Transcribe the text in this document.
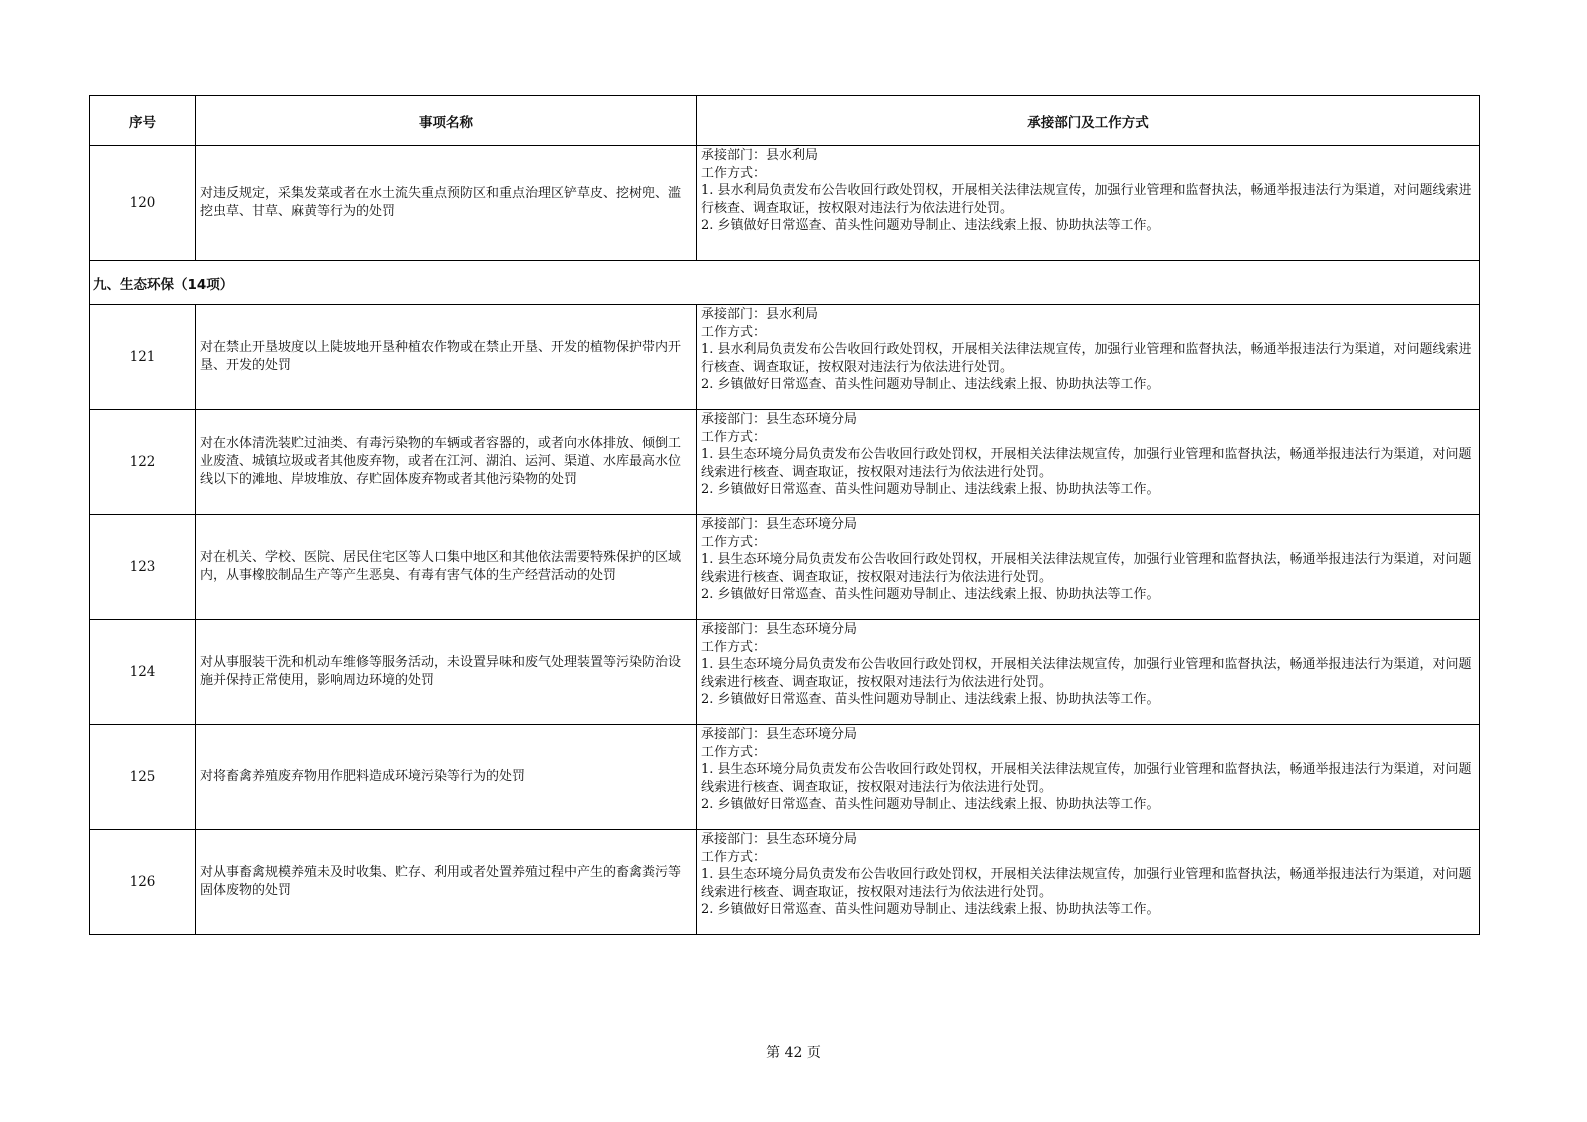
序号	事项名称	承接部门及工作方式
120	对违反规定，采集发菜或者在水土流失重点预防区和重点治理区铲草皮、挖树兜、滥挖虫草、甘草、麻黄等行为的处罚	承接部门：县水利局
工作方式：
1. 县水利局负责发布公告收回行政处罚权，开展相关法律法规宣传，加强行业管理和监督执法，畅通举报违法行为渠道，对问题线索进行核查、调查取证，按权限对违法行为依法进行处罚。
2. 乡镇做好日常巡查、苗头性问题劝导制止、违法线索上报、协助执法等工作。

九、生态环保（14项）		
121	对在禁止开垦坡度以上陡坡地开垦种植农作物或在禁止开垦、开发的植物保护带内开垦、开发的处罚	承接部门：县水利局
工作方式：
1. 县水利局负责发布公告收回行政处罚权，开展相关法律法规宣传，加强行业管理和监督执法，畅通举报违法行为渠道，对问题线索进行核查、调查取证，按权限对违法行为依法进行处罚。
2. 乡镇做好日常巡查、苗头性问题劝导制止、违法线索上报、协助执法等工作。

122	对在水体清洗装贮过油类、有毒污染物的车辆或者容器的，或者向水体排放、倾倒工业废渣、城镇垃圾或者其他废弃物，或者在江河、湖泊、运河、渠道、水库最高水位线以下的滩地、岸坡堆放、存贮固体废弃物或者其他污染物的处罚	承接部门：县生态环境分局
工作方式：
1. 县生态环境分局负责发布公告收回行政处罚权，开展相关法律法规宣传，加强行业管理和监督执法，畅通举报违法行为渠道，对问题线索进行核查、调查取证，按权限对违法行为依法进行处罚。
2. 乡镇做好日常巡查、苗头性问题劝导制止、违法线索上报、协助执法等工作。

123	对在机关、学校、医院、居民住宅区等人口集中地区和其他依法需要特殊保护的区域内，从事橡胶制品生产等产生恶臭、有毒有害气体的生产经营活动的处罚	承接部门：县生态环境分局
工作方式：
1. 县生态环境分局负责发布公告收回行政处罚权，开展相关法律法规宣传，加强行业管理和监督执法，畅通举报违法行为渠道，对问题线索进行核查、调查取证，按权限对违法行为依法进行处罚。
2. 乡镇做好日常巡查、苗头性问题劝导制止、违法线索上报、协助执法等工作。

124	对从事服装干洗和机动车维修等服务活动，未设置异味和废气处理装置等污染防治设施并保持正常使用，影响周边环境的处罚	承接部门：县生态环境分局
工作方式：
1. 县生态环境分局负责发布公告收回行政处罚权，开展相关法律法规宣传，加强行业管理和监督执法，畅通举报违法行为渠道，对问题线索进行核查、调查取证，按权限对违法行为依法进行处罚。
2. 乡镇做好日常巡查、苗头性问题劝导制止、违法线索上报、协助执法等工作。

125	对将畜禽养殖废弃物用作肥料造成环境污染等行为的处罚	承接部门：县生态环境分局
工作方式：
1. 县生态环境分局负责发布公告收回行政处罚权，开展相关法律法规宣传，加强行业管理和监督执法，畅通举报违法行为渠道，对问题线索进行核查、调查取证，按权限对违法行为依法进行处罚。
2. 乡镇做好日常巡查、苗头性问题劝导制止、违法线索上报、协助执法等工作。

126	对从事畜禽规模养殖未及时收集、贮存、利用或者处置养殖过程中产生的畜禽粪污等固体废物的处罚	承接部门：县生态环境分局
工作方式：
1. 县生态环境分局负责发布公告收回行政处罚权，开展相关法律法规宣传，加强行业管理和监督执法，畅通举报违法行为渠道，对问题线索进行核查、调查取证，按权限对违法行为依法进行处罚。
2. 乡镇做好日常巡查、苗头性问题劝导制止、违法线索上报、协助执法等工作。
第 42 页
